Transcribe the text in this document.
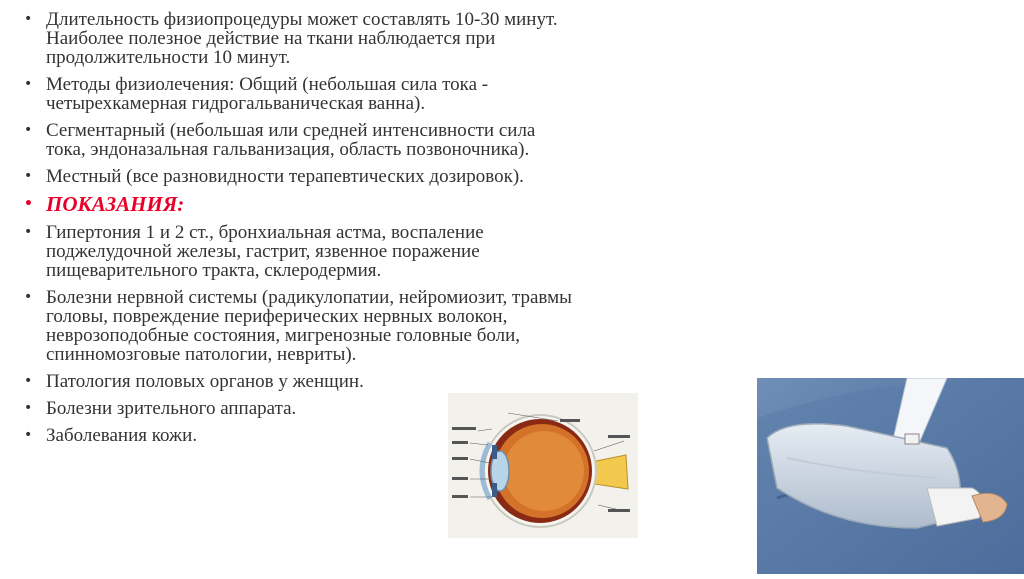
• Длительность физиопроцедуры может составлять 10-30 минут.
Наиболее полезное действие на ткани наблюдается при
продолжительности 10 минут.
• Методы физиолечения: Общий (небольшая сила тока -
четырехкамерная гидрогальваническая ванна).
• Сегментарный (небольшая или средней интенсивности сила
тока, эндоназальная гальванизация, область позвоночника).
• Местный (все разновидности терапевтических дозировок).
• ПОКАЗАНИЯ:
• Гипертония 1 и 2 ст., бронхиальная астма, воспаление
поджелудочной железы, гастрит, язвенное поражение
пищеварительного тракта, склеродермия.
• Болезни нервной системы (радикулопатии, нейромиозит, травмы
головы, повреждение периферических нервных волокон,
неврозоподобные состояния, мигренозные головные боли,
спинномозговые патологии, невриты).
• Патология половых органов у женщин.
• Болезни зрительного аппарата.
• Заболевания кожи.
